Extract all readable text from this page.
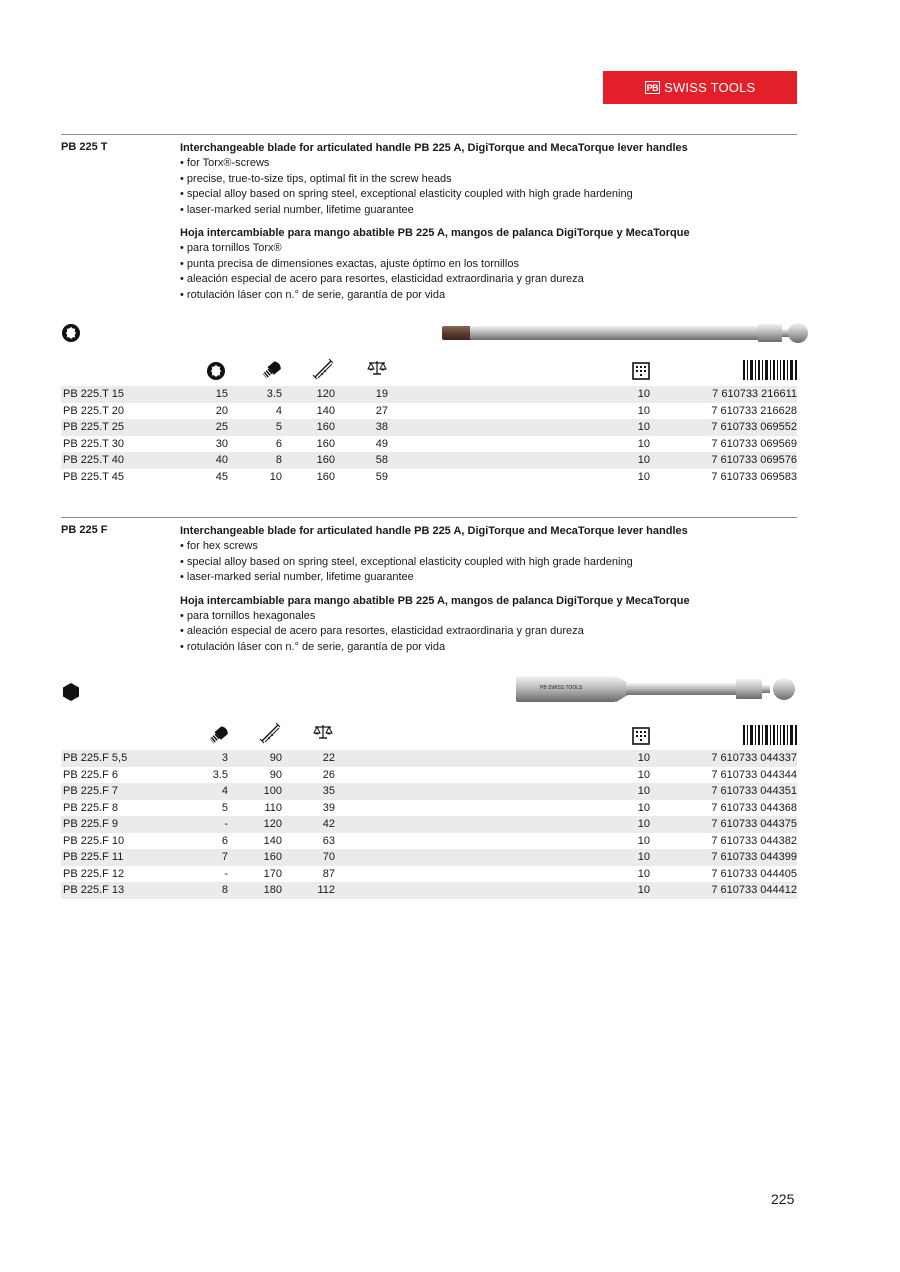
PB SWISS TOOLS
PB 225 T	Interchangeable blade for articulated handle PB 225 A, DigiTorque and MecaTorque lever handles
• for Torx®-screws
• precise, true-to-size tips, optimal fit in the screw heads
• special alloy based on spring steel, exceptional elasticity coupled with high grade hardening
• laser-marked serial number, lifetime guarantee
Hoja intercambiable para mango abatible PB 225 A, mangos de palanca DigiTorque y MecaTorque
• para tornillos Torx®
• punta precisa de dimensiones exactas, ajuste óptimo en los tornillos
• aleación especial de acero para resortes, elasticidad extraordinaria y gran dureza
• rotulación láser con n.° de serie, garantía de por vida
PB 225.T 15	15	3.5	120	19	10	7 610733 216611
PB 225.T 20	20	4	140	27	10	7 610733 216628
PB 225.T 25	25	5	160	38	10	7 610733 069552
PB 225.T 30	30	6	160	49	10	7 610733 069569
PB 225.T 40	40	8	160	58	10	7 610733 069576
PB 225.T 45	45	10	160	59	10	7 610733 069583
PB 225 F	Interchangeable blade for articulated handle PB 225 A, DigiTorque and MecaTorque lever handles
• for hex screws
• special alloy based on spring steel, exceptional elasticity coupled with high grade hardening
• laser-marked serial number, lifetime guarantee
Hoja intercambiable para mango abatible PB 225 A, mangos de palanca DigiTorque y MecaTorque
• para tornillos hexagonales
• aleación especial de acero para resortes, elasticidad extraordinaria y gran dureza
• rotulación láser con n.° de serie, garantía de por vida
PB SWISS TOOLS
PB 225.F 5,5	3	90	22	10	7 610733 044337
PB 225.F 6	3.5	90	26	10	7 610733 044344
PB 225.F 7	4	100	35	10	7 610733 044351
PB 225.F 8	5	110	39	10	7 610733 044368
PB 225.F 9	-	120	42	10	7 610733 044375
PB 225.F 10	6	140	63	10	7 610733 044382
PB 225.F 11	7	160	70	10	7 610733 044399
PB 225.F 12	-	170	87	10	7 610733 044405
PB 225.F 13	8	180	112	10	7 610733 044412
225
